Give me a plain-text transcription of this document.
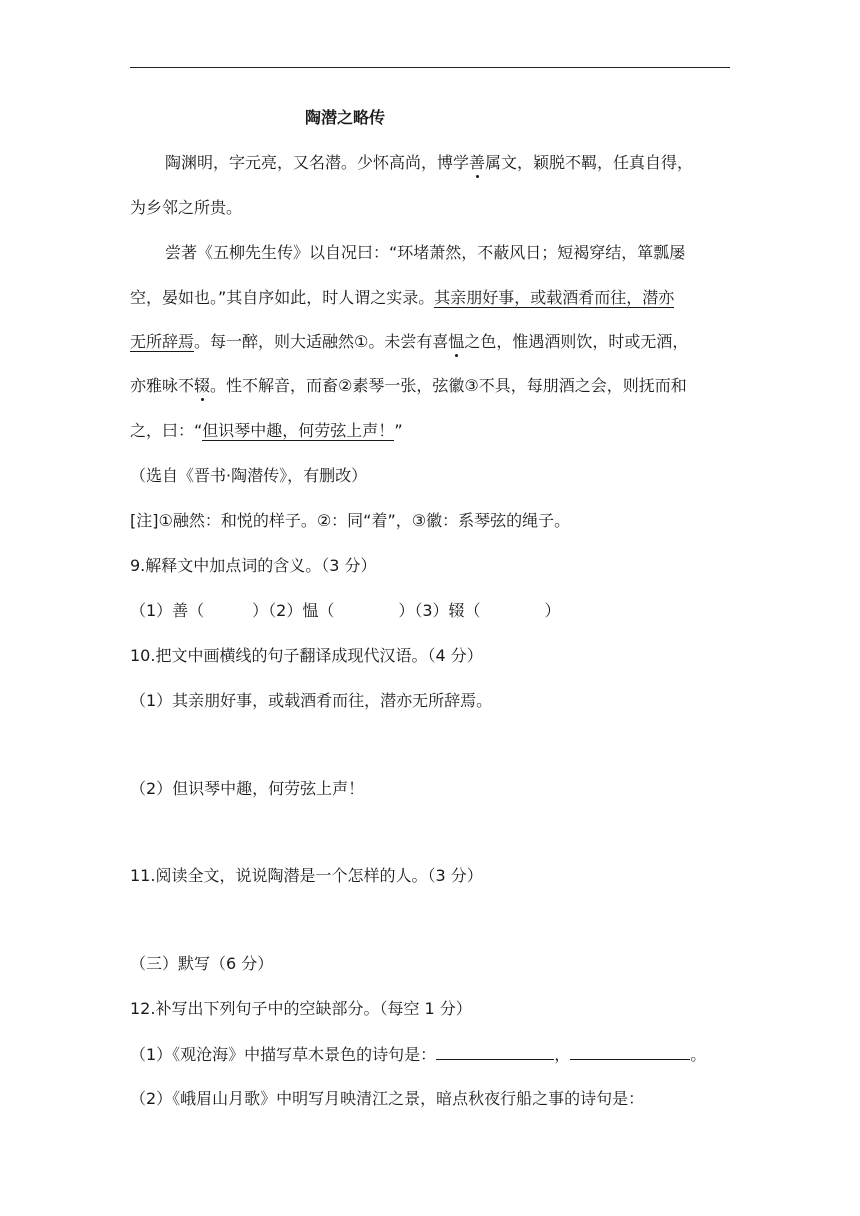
陶潜之略传
陶渊明，字元亮，又名潜。少怀高尚，博学善属文，颖脱不羁，任真自得，
为乡邻之所贵。
尝著《五柳先生传》以自况曰：“环堵萧然，不蔽风日；短褐穿结，箪瓢屡
空，晏如也。”其自序如此，时人谓之实录。其亲朋好事，或载酒肴而往，潜亦
无所辞焉。每一醉，则大适融然①。未尝有喜愠之色，惟遇酒则饮，时或无酒，
亦雅咏不辍。性不解音，而畜②素琴一张，弦徽③不具，每朋酒之会，则抚而和
之，曰：“但识琴中趣，何劳弦上声！”
（选自《晋书·陶潜传》，有删改）
[注]①融然：和悦的样子。②：同“着”，③徽：系琴弦的绳子。
9.解释文中加点词的含义。（3 分）
（1）善（　　　）（2）愠（　　　　）（3）辍（　　　　）
10.把文中画横线的句子翻译成现代汉语。（4 分）
（1）其亲朋好事，或载酒肴而往，潜亦无所辞焉。
（2）但识琴中趣，何劳弦上声！
11.阅读全文，说说陶潜是一个怎样的人。（3 分）
（三）默写（6 分）
12.补写出下列句子中的空缺部分。（每空 1 分）
（1）《观沧海》中描写草木景色的诗句是：	，	。
（2）《峨眉山月歌》中明写月映清江之景，暗点秋夜行船之事的诗句是：
